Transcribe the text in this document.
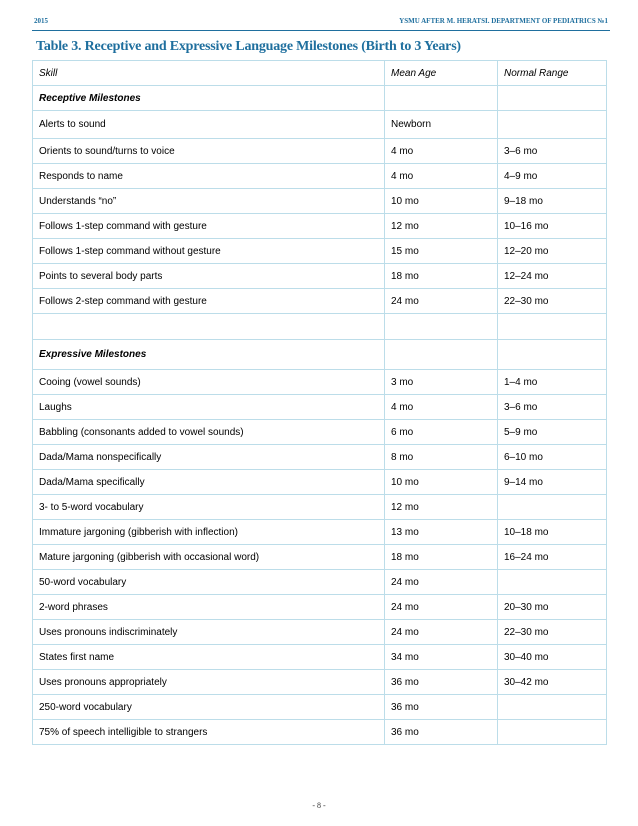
2015	YSMU AFTER M. HERATSI. DEPARTMENT OF PEDIATRICS №1
Table 3. Receptive and Expressive Language Milestones (Birth to 3 Years)
Skill	Mean Age	Normal Range
Receptive Milestones		
Alerts to sound	Newborn	
Orients to sound/turns to voice	4 mo	3–6 mo
Responds to name	4 mo	4–9 mo
Understands “no”	10 mo	9–18 mo
Follows 1-step command with gesture	12 mo	10–16 mo
Follows 1-step command without gesture	15 mo	12–20 mo
Points to several body parts	18 mo	12–24 mo
Follows 2-step command with gesture	24 mo	22–30 mo

Expressive Milestones		
Cooing (vowel sounds)	3 mo	1–4 mo
Laughs	4 mo	3–6 mo
Babbling (consonants added to vowel sounds)	6 mo	5–9 mo
Dada/Mama nonspecifically	8 mo	6–10 mo
Dada/Mama specifically	10 mo	9–14 mo
3- to 5-word vocabulary	12 mo	
Immature jargoning (gibberish with inflection)	13 mo	10–18 mo
Mature jargoning (gibberish with occasional word)	18 mo	16–24 mo
50-word vocabulary	24 mo	
2-word phrases	24 mo	20–30 mo
Uses pronouns indiscriminately	24 mo	22–30 mo
States first name	34 mo	30–40 mo
Uses pronouns appropriately	36 mo	30–42 mo
250-word vocabulary	36 mo	
75% of speech intelligible to strangers	36 mo	
- 8 -
